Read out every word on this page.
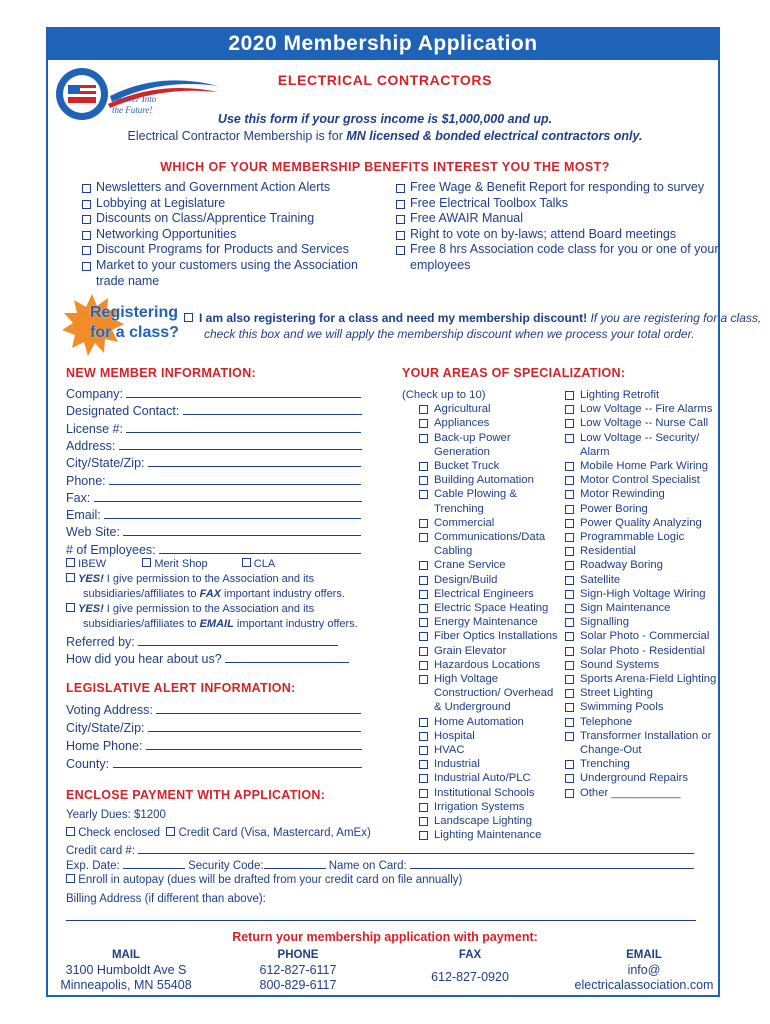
2020 Membership Application
Power Into
the Future!
ELECTRICAL CONTRACTORS
Use this form if your gross income is $1,000,000 and up.
Electrical Contractor Membership is for MN licensed & bonded electrical contractors only.
WHICH OF YOUR MEMBERSHIP BENEFITS INTEREST YOU THE MOST?
Newsletters and Government Action Alerts
Lobbying at Legislature
Discounts on Class/Apprentice Training
Networking Opportunities
Discount Programs for Products and Services
Market to your customers using the Association trade name
Free Wage & Benefit Report for responding to survey
Free Electrical Toolbox Talks
Free AWAIR Manual
Right to vote on by-laws; attend Board meetings
Free 8 hrs Association code class for you or one of your employees
Registering
for a class?
I am also registering for a class and need my membership discount! If you are registering for a class,
check this box and we will apply the membership discount when we process your total order.
NEW MEMBER INFORMATION:
Company:
Designated Contact:
License #:
Address:
City/State/Zip:
Phone:
Fax:
Email:
Web Site:
# of Employees:
IBEW	Merit Shop	CLA
YES! I give permission to the Association and its
subsidiaries/affiliates to FAX important industry offers.
YES! I give permission to the Association and its
subsidiaries/affiliates to EMAIL important industry offers.
Referred by:
How did you hear about us?
LEGISLATIVE ALERT INFORMATION:
Voting Address:
City/State/Zip:
Home Phone:
County:
ENCLOSE PAYMENT WITH APPLICATION:
Yearly Dues: $1200
Check enclosed Credit Card (Visa, Mastercard, AmEx)
Credit card #:
Exp. Date:	Security Code:	Name on Card:
Enroll in autopay (dues will be drafted from your credit card on file annually)
Billing Address (if different than above):
YOUR AREAS OF SPECIALIZATION:
(Check up to 10)
Agricultural
Appliances
Back-up Power Generation
Bucket Truck
Building Automation
Cable Plowing & Trenching
Commercial
Communications/Data Cabling
Crane Service
Design/Build
Electrical Engineers
Electric Space Heating
Energy Maintenance
Fiber Optics Installations
Grain Elevator
Hazardous Locations
High Voltage Construction/ Overhead & Underground
Home Automation
Hospital
HVAC
Industrial
Industrial Auto/PLC
Institutional Schools
Irrigation Systems
Landscape Lighting
Lighting Maintenance
Lighting Retrofit
Low Voltage -- Fire Alarms
Low Voltage -- Nurse Call
Low Voltage -- Security/ Alarm
Mobile Home Park Wiring
Motor Control Specialist
Motor Rewinding
Power Boring
Power Quality Analyzing
Programmable Logic
Residential
Roadway Boring
Satellite
Sign-High Voltage Wiring
Sign Maintenance
Signalling
Solar Photo - Commercial
Solar Photo - Residential
Sound Systems
Sports Arena-Field Lighting
Street Lighting
Swimming Pools
Telephone
Transformer Installation or Change-Out
Trenching
Underground Repairs
Other ___________
Return your membership application with payment:
MAIL
3100 Humboldt Ave S
Minneapolis, MN 55408
PHONE
612-827-6117
800-829-6117
FAX
612-827-0920
EMAIL
info@
electricalassociation.com
